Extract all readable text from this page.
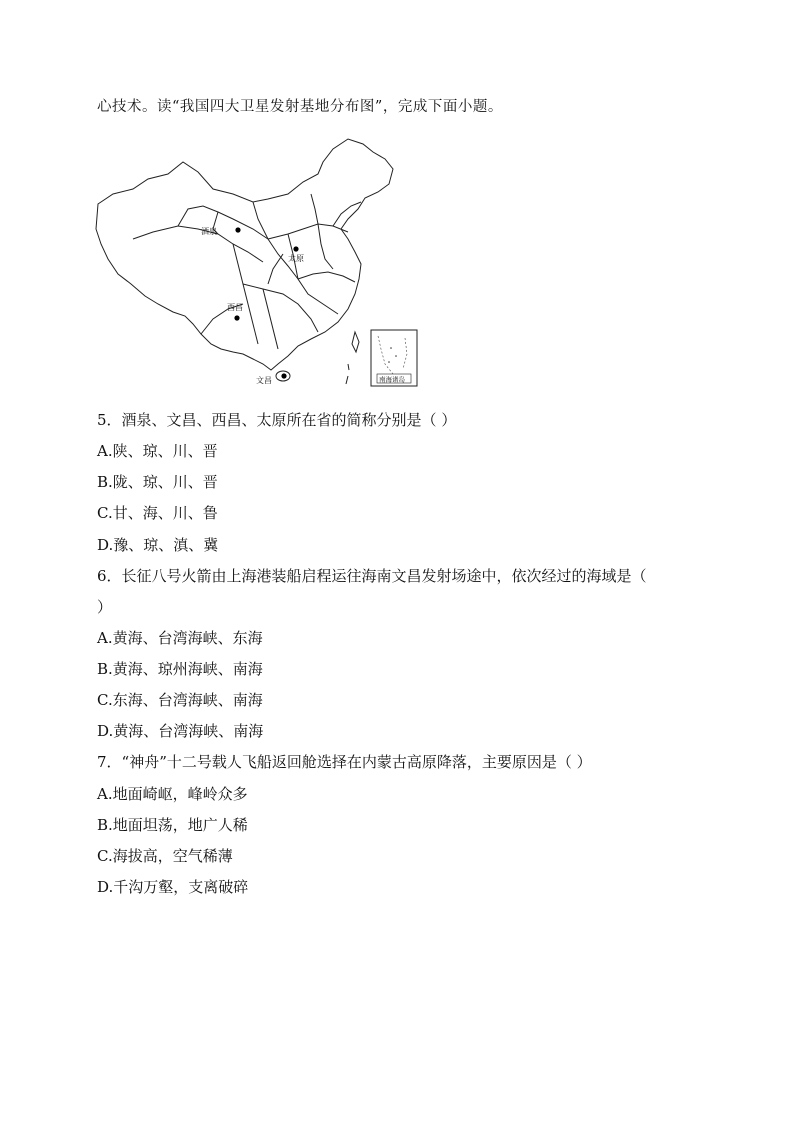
心技术。读“我国四大卫星发射基地分布图”，完成下面小题。
南海诸岛
酒泉
太原
西昌
文昌
5．酒泉、文昌、西昌、太原所在省的简称分别是（ ）
A.陕、琼、川、晋
B.陇、琼、川、晋
C.甘、海、川、鲁
D.豫、琼、滇、冀
6．长征八号火箭由上海港装船启程运往海南文昌发射场途中，依次经过的海域是（
）
A.黄海、台湾海峡、东海
B.黄海、琼州海峡、南海
C.东海、台湾海峡、南海
D.黄海、台湾海峡、南海
7．“神舟”十二号载人飞船返回舱选择在内蒙古高原降落，主要原因是（ ）
A.地面崎岖，峰岭众多
B.地面坦荡，地广人稀
C.海拔高，空气稀薄
D.千沟万壑，支离破碎
